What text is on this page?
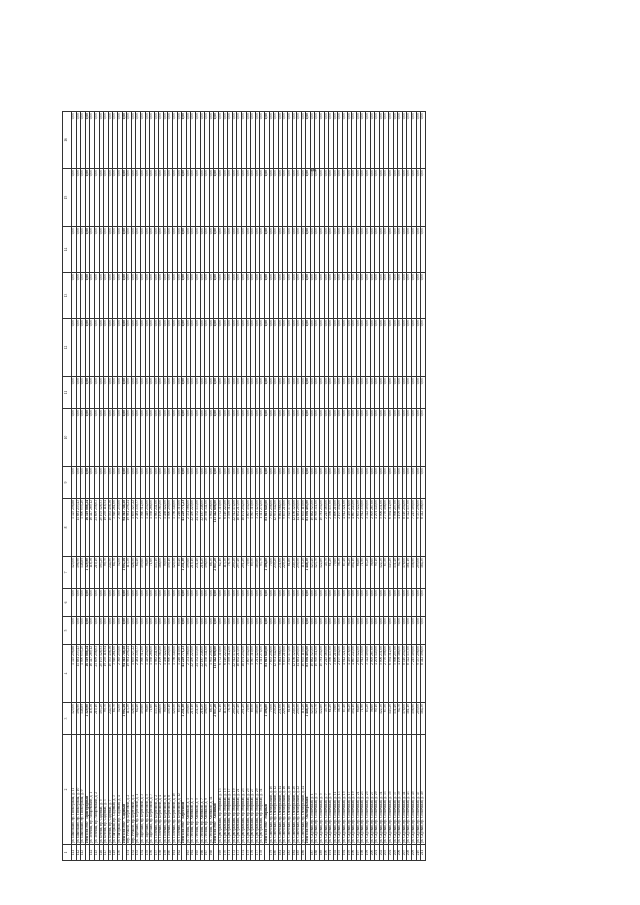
8
1	2	3	4	5	6	7	8	9	10	11	12	13	14	15	16
141	ул. Школьная, пр. Пионерская, д. 11	125,00	1 325 256,88	0,00	0,00	125,00	1 325 256,88	0,00	0,00	0,00	0,00	0,00	0,00	0,00	0,00
142	ул. Школьная, пр. Пионерская, д. 10	196,90	11 881 233,43	0,00	0,00	196,90	11 881 233,43	0,00	0,00	0,00	0,00	0,00	0,00	0,00	0,00
143	ул. Школьная, пр. Пионерская, д. 9	148,89	1 990 055,20	0,00	0,00	148,89	1 990 055,20	0,00	0,00	0,00	0,00	0,00	0,00	0,00	0,00
	Итого по МО "Пригородный"	1 329,90	16 519 888,24	0,00	0,00	1 329,90	16 519 888,24	0,00	0,00	0,00	0,00	0,00	0,00	0,00	0,00
144	ул. Зеленая, пр. Лазаревский, д. 1	118,36	16 447 269,12	0,00	0,00	118,36	16 447 269,12	0,00	0,00	0,00	0,00	0,00	0,00	0,00	0,00
145	ул. Зеленая, пр. Лазаревский, д. 2	210,10	21 699 258,03	0,00	0,00	210,10	21 699 258,03	0,00	0,00	0,00	0,00	0,00	0,00	0,00	0,00
146	ул. Бегова, пр. Садовый, д. 5	193,20	20 103 128,53	0,00	0,00	193,20	20 103 128,53	0,00	0,00	0,00	0,00	0,00	0,00	0,00	0,00
147	ул. Бегова, пр. Садовый, д. 3	99,70	19 255 118,54	0,00	0,00	99,70	19 255 118,54	0,00	0,00	0,00	0,00	0,00	0,00	0,00	0,00
148	ул. Бегова, пр. Садовый, д. 7	244,50	10 553 458,36	0,00	0,00	244,50	10 553 458,36	0,00	0,00	0,00	0,00	0,00	0,00	0,00	0,00
149	ул. Нагорная, пр. Садовый, д. 3	84,70	3 940 261,00	0,00	0,00	84,70	3 940 261,00	0,00	0,00	0,00	0,00	0,00	0,00	0,00	0,00
150	ул. Нагорная, пр. Садовый, д. 4	52,00	2 365 255,00	0,00	0,00	52,00	2 365 255,00	0,00	0,00	0,00	0,00	0,00	0,00	0,00	0,00
	Итого по МО "Садовый"	1 002,56	94 363 748,58	0,00	0,00	1 002,56	94 363 748,58	0,00	0,00	0,00	0,00	0,00	0,00	0,00	0,00
151	пер. Речной, пр. Береговой, д. 2	113,30	19 981 256,24	0,00	0,00	113,30	19 981 256,24	0,00	0,00	0,00	0,00	0,00	0,00	0,00	0,00
152	пер. Речной, пр. Береговой, д. 4	128,50	1 655 327,22	0,00	0,00	128,50	1 655 327,22	0,00	0,00	0,00	0,00	0,00	0,00	0,00	0,00
153	ул. Заречная, пр. Береговой, д. 1	64,40	2 481 330,77	0,00	0,00	64,40	2 481 330,77	0,00	0,00	0,00	0,00	0,00	0,00	0,00	0,00
154	ул. Заречная, пр. Береговой, д. 3	109,60	3 560 512,00	0,00	0,00	109,60	3 560 512,00	0,00	0,00	0,00	0,00	0,00	0,00	0,00	0,00
155	ул. Заречная, пр. Береговой, д. 5	96,80	1 449 254,00	0,00	0,00	96,80	1 449 254,00	0,00	0,00	0,00	0,00	0,00	0,00	0,00	0,00
156	ул. Заречная, пр. Береговой, д. 7	71,60	1 558 266,00	0,00	0,00	71,60	1 558 266,00	0,00	0,00	0,00	0,00	0,00	0,00	0,00	0,00
157	ул. Полевая, пр. Береговой, д. 2	133,10	1 983 241,00	0,00	0,00	133,10	1 983 241,00	0,00	0,00	0,00	0,00	0,00	0,00	0,00	0,00
158	ул. Полевая, пр. Береговой, д. 4	188,00	2 109 563,00	0,00	0,00	188,00	2 109 563,00	0,00	0,00	0,00	0,00	0,00	0,00	0,00	0,00
159	ул. Полевая, пр. Береговой, д. 6	90,00	1 458 122,00	0,00	0,00	90,00	1 458 122,00	0,00	0,00	0,00	0,00	0,00	0,00	0,00	0,00
160	ул. Полевая, пр. Береговой, д. 8	150,10	1 990 250,00	0,00	0,00	150,10	1 990 250,00	0,00	0,00	0,00	0,00	0,00	0,00	0,00	0,00
161	ул. Полевая, пр. Береговой, д. 10	120,50	1 756 340,00	0,00	0,00	120,50	1 756 340,00	0,00	0,00	0,00	0,00	0,00	0,00	0,00	0,00
162	ул. Полевая, пр. Береговой, д. 12	85,40	1 246 310,00	0,00	0,00	85,40	1 246 310,00	0,00	0,00	0,00	0,00	0,00	0,00	0,00	0,00
	Итого по МО "Береговой"	1 251,30	41 229 771,23	0,00	0,00	1 251,30	41 229 771,23	0,00	0,00	0,00	0,00	0,00	0,00	0,00	0,00
163	ул. Лесная, пр. Хвойный, д. 1	199,60	2 331 566,00	0,00	0,00	199,60	2 331 566,00	0,00	0,00	0,00	0,00	0,00	0,00	0,00	0,00
164	ул. Лесная, пр. Хвойный, д. 3	215,10	22 450 225,00	0,00	0,00	215,10	22 450 225,00	0,00	0,00	0,00	0,00	0,00	0,00	0,00	0,00
165	ул. Лесная, пр. Хвойный, д. 5	231,40	24 332 133,00	0,00	0,00	231,40	24 332 133,00	0,00	0,00	0,00	0,00	0,00	0,00	0,00	0,00
166	ул. Лесная, пр. Хвойный, д. 7	218,20	22 187 248,00	0,00	0,00	218,20	22 187 248,00	0,00	0,00	0,00	0,00	0,00	0,00	0,00	0,00
167	ул. Лесная, пр. Хвойный, д. 9	196,00	20 558 341,00	0,00	0,00	196,00	20 558 341,00	0,00	0,00	0,00	0,00	0,00	0,00	0,00	0,00
168	ул. Лесная, пр. Хвойный, д. 11	88,30	1 992 258,00	0,00	0,00	88,30	1 992 258,00	0,00	0,00	0,00	0,00	0,00	0,00	0,00	0,00
	Итого по МО "Хвойный"	2 857,20	113 542 698,00	0,00	0,00	2 857,20	113 542 698,00	0,00	0,00	0,00	0,00	0,00	0,00	0,00	0,00
169	ул. Центральная, пр. Мирный, д. 13	62,10	6 772 310,00	0,00	0,00	62,10	6 772 310,00	0,00	0,00	0,00	0,00	0,00	0,00	0,00	0,00
170	ул. Центральная, пр. Мирный, д. 15	113,30	6 110 223,00	0,00	0,00	113,30	6 110 223,00	0,00	0,00	0,00	0,00	0,00	0,00	0,00	0,00
171	ул. Центральная, пр. Мирный, д. 17	78,70	3 559 312,00	0,00	0,00	78,70	3 559 312,00	0,00	0,00	0,00	0,00	0,00	0,00	0,00	0,00
172	ул. Центральная, пр. Мирный, д. 19	200,20	22 512 174,00	0,00	0,00	200,20	22 512 174,00	0,00	0,00	0,00	0,00	0,00	0,00	0,00	0,00
173	ул. Центральная, пр. Мирный, д. 21	207,40	18 852 213,00	0,00	0,00	207,40	18 852 213,00	0,00	0,00	0,00	0,00	0,00	0,00	0,00	0,00
174	ул. Центральная, пр. Мирный, д. 23	201,20	18 101 254,00	0,00	0,00	201,20	18 101 254,00	0,00	0,00	0,00	0,00	0,00	0,00	0,00	0,00
175	ул. Центральная, пр. Мирный, д. 25	79,90	3 807 154,00	0,00	0,00	79,90	3 807 154,00	0,00	0,00	0,00	0,00	0,00	0,00	0,00	0,00
176	ул. Центральная, пр. Мирный, д. 27	89,50	1 567 310,00	0,00	0,00	89,50	1 567 310,00	0,00	0,00	0,00	0,00	0,00	0,00	0,00	0,00
177	ул. Центральная, пр. Мирный, д. 29	180,80	3 211 425,00	0,00	0,00	180,80	3 211 425,00	0,00	0,00	0,00	0,00	0,00	0,00	0,00	0,00
178	ул. Центральная, пр. Мирный, д. 31	93,70	1 111 274,00	0,00	0,00	93,70	1 111 274,00	0,00	0,00	0,00	0,00	0,00	0,00	0,00	0,00
	Итого по МО "Мирный"	1 306,80	85 603 649,00	0,00	0,00	1 306,80	85 603 649,00	0,00	0,00	0,00	0,00	0,00	0,00	0,00	0,00
179	ул. Советская, пр. Октябрьский, д. 10	70,00	7 653 258,00	0,00	0,00	70,00	7 653 258,00	0,00	0,00	0,00	0,00	0,00	0,00	0,00	0,00
180	ул. Советская, пр. Октябрьский, д. 12	230,20	12 931 142,00	0,00	0,00	230,20	12 931 142,00	0,00	0,00	0,00	0,00	0,00	0,00	0,00	0,00
181	ул. Советская, пр. Октябрьский, д. 14	231,00	9 861 068,00	0,00	0,00	231,00	9 861 068,00	0,00	0,00	0,00	0,00	0,00	0,00	0,00	0,00
182	ул. Советская, пр. Октябрьский, д. 16	229,30	9 875 210,00	0,00	0,00	229,30	9 875 210,00	0,00	0,00	0,00	0,00	0,00	0,00	0,00	0,00
183	ул. Советская, пр. Октябрьский, д. 18	81,80	3 025 173,00	0,00	0,00	81,80	3 025 173,00	0,00	0,00	0,00	0,00	0,00	0,00	0,00	0,00
184	ул. Советская, пр. Октябрьский, д. 20	240,30	12 156 325,00	0,00	0,00	240,30	12 156 325,00	0,00	0,00	0,00	0,00	0,00	0,00	0,00	0,00
185	ул. Советская, пр. Октябрьский, д. 22	250,50	14 881 200,00	0,00	0,00	250,50	14 881 200,00	0,00	0,00	0,00	0,00	0,00	0,00	0,00	0,00
186	ул. Советская, пр. Октябрьский, д. 24	115,20	10 653 119,00	0,00	0,00	115,20	10 653 119,00	0,00	0,00	0,00	0,00	0,00	0,00	0,00	0,00
	Итого по МО "Октябрьский"	1 448,30	81 036 495,00	0,00	0,00	1 448,30	81 036 495,00	0,00	0,00	0,00	0,00	0,00	0,00	0,00	0,00
187	ул. Садовая, пр. Солнечный, д. 1	123,40	10 882 523,00	0,00	0,00	123,40	10 882 523,00	0,00	0,00	0,00	0,00	0,00	0,00	0,00	0,00
188	ул. Садовая, пр. Солнечный, д. 3	123,70	10 905 311,00	0,00	0,00	123,70	10 905 311,00	0,00	0,00	0,00	0,00	0,00	0,00	0,00	0,00
189	ул. Садовая, пр. Солнечный, д. 5	122,80	10 781 254,00	0,00	0,00	122,80	10 781 254,00	0,00	0,00	0,00	0,00	0,00	0,00	0,00	0,00
190	ул. Садовая, пр. Солнечный, д. 7	45,70	2 245 165,00	0,00	0,00	45,70	2 245 165,00	0,00	0,00	0,00	0,00	0,00	0,00	0,00	0,00
191	ул. Садовая, пр. Солнечный, д. 9	61,20	2 556 137,00	0,00	0,00	61,20	2 556 137,00	0,00	0,00	0,00	0,00	0,00	0,00	0,00	0,00
192	ул. Садовая, пр. Солнечный, д. 11	79,60	3 890 210,00	0,00	0,00	79,60	3 890 210,00	0,00	0,00	0,00	0,00	0,00	0,00	0,00	0,00
193	ул. Садовая, пр. Солнечный, д. 13	58,30	2 107 154,00	0,00	0,00	58,30	2 107 154,00	0,00	0,00	0,00	0,00	0,00	0,00	0,00	0,00
194	ул. Садовая, пр. Солнечный, д. 15	87,40	4 012 321,00	0,00	0,00	87,40	4 012 321,00	0,00	0,00	0,00	0,00	0,00	0,00	0,00	0,00
195	ул. Садовая, пр. Солнечный, д. 17	96,20	4 455 278,00	0,00	0,00	96,20	4 455 278,00	0,00	0,00	0,00	0,00	0,00	0,00	0,00	0,00
196	ул. Садовая, пр. Солнечный, д. 19	104,10	4 867 243,00	0,00	0,00	104,10	4 867 243,00	0,00	0,00	0,00	0,00	0,00	0,00	0,00	0,00
197	ул. Садовая, пр. Солнечный, д. 21	66,80	2 653 122,00	0,00	0,00	66,80	2 653 122,00	0,00	0,00	0,00	0,00	0,00	0,00	0,00	0,00
198	ул. Садовая, пр. Солнечный, д. 23	71,90	2 912 330,00	0,00	0,00	71,90	2 912 330,00	0,00	0,00	0,00	0,00	0,00	0,00	0,00	0,00
199	ул. Садовая, пр. Солнечный, д. 25	83,20	3 322 109,00	0,00	0,00	83,20	3 322 109,00	0,00	0,00	0,00	0,00	0,00	0,00	0,00	0,00
200	ул. Садовая, пр. Солнечный, д. 27	56,60	2 005 267,00	0,00	0,00	56,60	2 005 267,00	0,00	0,00	0,00	0,00	0,00	0,00	0,00	0,00
201	ул. Садовая, пр. Солнечный, д. 29	90,10	4 201 145,00	0,00	0,00	90,10	4 201 145,00	0,00	0,00	0,00	0,00	0,00	0,00	0,00	0,00
202	ул. Садовая, пр. Солнечный, д. 31	122,30	5 006 231,00	0,00	0,00	122,30	5 006 231,00	0,00	0,00	0,00	0,00	0,00	0,00	0,00	0,00
203	ул. Садовая, пр. Солнечный, д. 33	67,50	2 770 198,00	0,00	0,00	67,50	2 770 198,00	0,00	0,00	0,00	0,00	0,00	0,00	0,00	0,00
204	ул. Садовая, пр. Солнечный, д. 35	143,20	6 554 312,00	0,00	0,00	143,20	6 554 312,00	0,00	0,00	0,00	0,00	0,00	0,00	0,00	0,00
205	ул. Садовая, пр. Солнечный, д. 37	131,40	5 998 257,00	0,00	0,00	131,40	5 998 257,00	0,00	0,00	0,00	0,00	0,00	0,00	0,00	0,00
206	ул. Садовая, пр. Солнечный, д. 39	94,70	4 109 186,00	0,00	0,00	94,70	4 109 186,00	0,00	0,00	0,00	0,00	0,00	0,00	0,00	0,00
207	ул. Садовая, пр. Солнечный, д. 41	176,00	8 110 254,00	0,00	0,00	176,00	8 110 254,00	0,00	0,00	0,00	0,00	0,00	0,00	0,00	0,00
208	ул. Садовая, пр. Солнечный, д. 43	181,10	8 322 137,00	0,00	0,00	181,10	8 322 137,00	0,00	0,00	0,00	0,00	0,00	0,00	0,00	0,00
209	ул. Садовая, пр. Солнечный, д. 45	158,90	7 215 109,00	0,00	0,00	158,90	7 215 109,00	0,00	0,00	0,00	0,00	0,00	0,00	0,00	0,00
210	ул. Садовая, пр. Солнечный, д. 47	205,00	9 337 256,00	0,00	0,00	205,00	9 337 256,00	0,00	0,00	0,00	0,00	0,00	0,00	0,00	0,00
211	ул. Садовая, пр. Солнечный, д. 49	184,30	8 412 198,00	0,00	0,00	184,30	8 412 198,00	0,00	0,00	0,00	0,00	0,00	0,00	0,00	0,00
